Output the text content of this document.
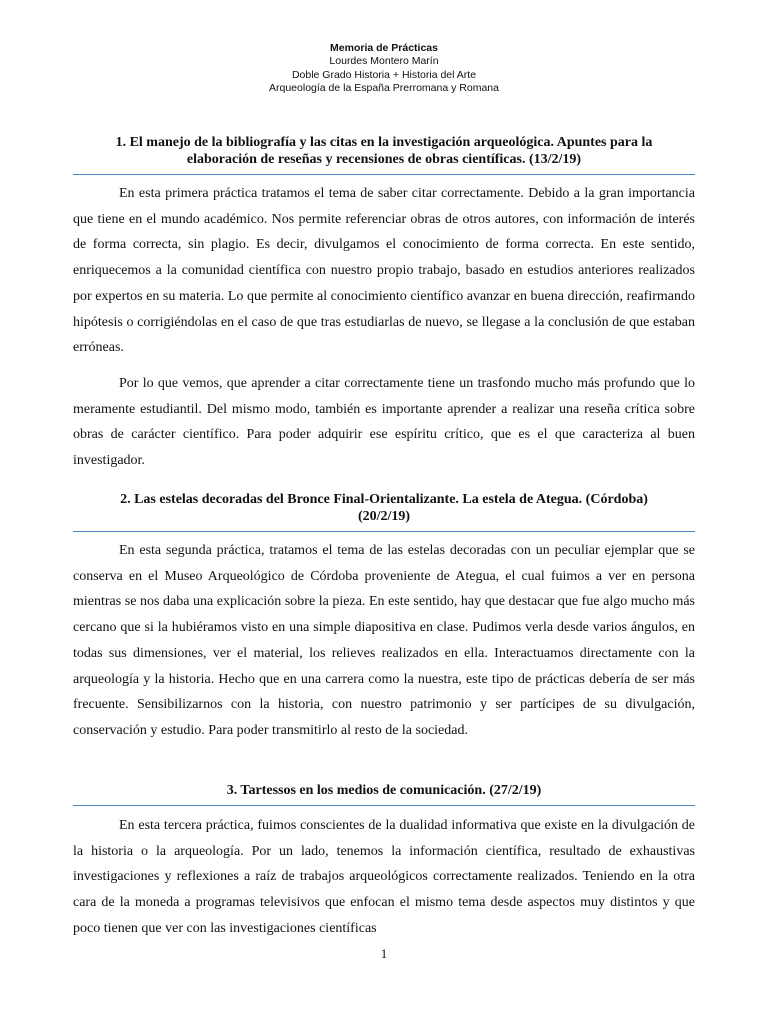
Memoria de Prácticas
Lourdes Montero Marín
Doble Grado Historia + Historia del Arte
Arqueología de la España Prerromana y Romana
1. El manejo de la bibliografía y las citas en la investigación arqueológica. Apuntes para la
elaboración de reseñas y recensiones de obras científicas. (13/2/19)

En esta primera práctica tratamos el tema de saber citar correctamente. Debido a la gran importancia que tiene en el mundo académico. Nos permite referenciar obras de otros autores, con información de interés de forma correcta, sin plagio. Es decir, divulgamos el conocimiento de forma correcta. En este sentido, enriquecemos a la comunidad científica con nuestro propio trabajo, basado en estudios anteriores realizados por expertos en su materia. Lo que permite al conocimiento científico avanzar en buena dirección, reafirmando hipótesis o corrigiéndolas en el caso de que tras estudiarlas de nuevo, se llegase a la conclusión de que estaban erróneas.

Por lo que vemos, que aprender a citar correctamente tiene un trasfondo mucho más profundo que lo meramente estudiantil. Del mismo modo, también es importante aprender a realizar una reseña crítica sobre obras de carácter científico. Para poder adquirir ese espíritu crítico, que es el que caracteriza al buen investigador.

2. Las estelas decoradas del Bronce Final-Orientalizante. La estela de Ategua. (Córdoba)
(20/2/19)

En esta segunda práctica, tratamos el tema de las estelas decoradas con un peculiar ejemplar que se conserva en el Museo Arqueológico de Córdoba proveniente de Ategua, el cual fuimos a ver en persona mientras se nos daba una explicación sobre la pieza. En este sentido, hay que destacar que fue algo mucho más cercano que si la hubiéramos visto en una simple diapositiva en clase. Pudimos verla desde varios ángulos, en todas sus dimensiones, ver el material, los relieves realizados en ella. Interactuamos directamente con la arqueología y la historia. Hecho que en una carrera como la nuestra, este tipo de prácticas debería de ser más frecuente. Sensibilizarnos con la historia, con nuestro patrimonio y ser partícipes de su divulgación, conservación y estudio. Para poder transmitirlo al resto de la sociedad.

3. Tartessos en los medios de comunicación. (27/2/19)

En esta tercera práctica, fuimos conscientes de la dualidad informativa que existe en la divulgación de la historia o la arqueología. Por un lado, tenemos la información científica, resultado de exhaustivas investigaciones y reflexiones a raíz de trabajos arqueológicos correctamente realizados. Teniendo en la otra cara de la moneda a programas televisivos que enfocan el mismo tema desde aspectos muy distintos y que poco tienen que ver con las investigaciones científicas

1
